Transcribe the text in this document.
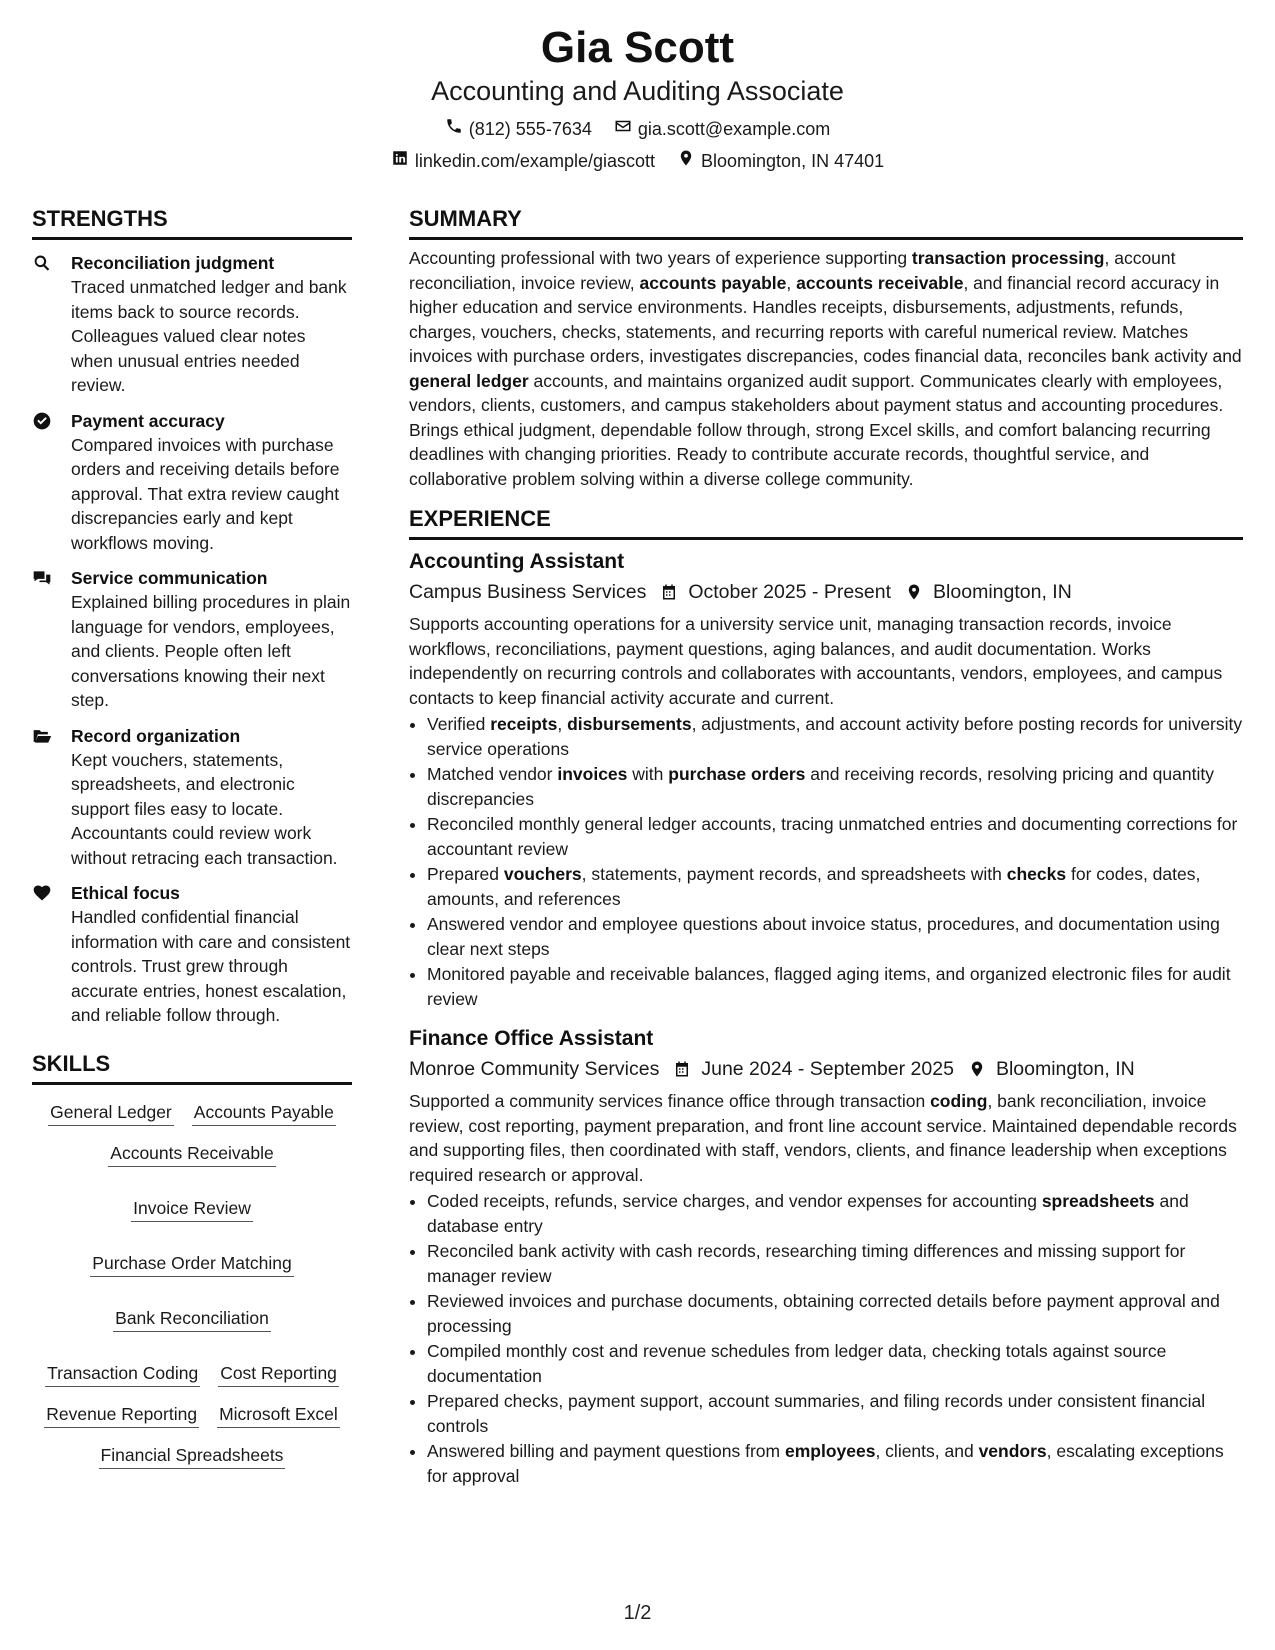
Gia Scott
Accounting and Auditing Associate
(812) 555-7634	gia.scott@example.com
linkedin.com/example/giascott	Bloomington, IN 47401
STRENGTHS
Reconciliation judgment
Traced unmatched ledger and bank items back to source records. Colleagues valued clear notes when unusual entries needed review.
Payment accuracy
Compared invoices with purchase orders and receiving details before approval. That extra review caught discrepancies early and kept workflows moving.
Service communication
Explained billing procedures in plain language for vendors, employees, and clients. People often left conversations knowing their next step.
Record organization
Kept vouchers, statements, spreadsheets, and electronic support files easy to locate. Accountants could review work without retracing each transaction.
Ethical focus
Handled confidential financial information with care and consistent controls. Trust grew through accurate entries, honest escalation, and reliable follow through.
SKILLS
General Ledger Accounts Payable
Accounts Receivable
Invoice Review
Purchase Order Matching
Bank Reconciliation
Transaction Coding Cost Reporting
Revenue Reporting Microsoft Excel
Financial Spreadsheets
SUMMARY
Accounting professional with two years of experience supporting transaction processing, account reconciliation, invoice review, accounts payable, accounts receivable, and financial record accuracy in higher education and service environments. Handles receipts, disbursements, adjustments, refunds, charges, vouchers, checks, statements, and recurring reports with careful numerical review. Matches invoices with purchase orders, investigates discrepancies, codes financial data, reconciles bank activity and general ledger accounts, and maintains organized audit support. Communicates clearly with employees, vendors, clients, customers, and campus stakeholders about payment status and accounting procedures. Brings ethical judgment, dependable follow through, strong Excel skills, and comfort balancing recurring deadlines with changing priorities. Ready to contribute accurate records, thoughtful service, and collaborative problem solving within a diverse college community.
EXPERIENCE
Accounting Assistant
Campus Business Services October 2025 - Present Bloomington, IN
Supports accounting operations for a university service unit, managing transaction records, invoice workflows, reconciliations, payment questions, aging balances, and audit documentation. Works independently on recurring controls and collaborates with accountants, vendors, employees, and campus contacts to keep financial activity accurate and current.
• Verified receipts, disbursements, adjustments, and account activity before posting records for university service operations
• Matched vendor invoices with purchase orders and receiving records, resolving pricing and quantity discrepancies
• Reconciled monthly general ledger accounts, tracing unmatched entries and documenting corrections for accountant review
• Prepared vouchers, statements, payment records, and spreadsheets with checks for codes, dates, amounts, and references
• Answered vendor and employee questions about invoice status, procedures, and documentation using clear next steps
• Monitored payable and receivable balances, flagged aging items, and organized electronic files for audit review
Finance Office Assistant
Monroe Community Services June 2024 - September 2025 Bloomington, IN
Supported a community services finance office through transaction coding, bank reconciliation, invoice review, cost reporting, payment preparation, and front line account service. Maintained dependable records and supporting files, then coordinated with staff, vendors, clients, and finance leadership when exceptions required research or approval.
• Coded receipts, refunds, service charges, and vendor expenses for accounting spreadsheets and database entry
• Reconciled bank activity with cash records, researching timing differences and missing support for manager review
• Reviewed invoices and purchase documents, obtaining corrected details before payment approval and processing
• Compiled monthly cost and revenue schedules from ledger data, checking totals against source documentation
• Prepared checks, payment support, account summaries, and filing records under consistent financial controls
• Answered billing and payment questions from employees, clients, and vendors, escalating exceptions for approval
1/2
